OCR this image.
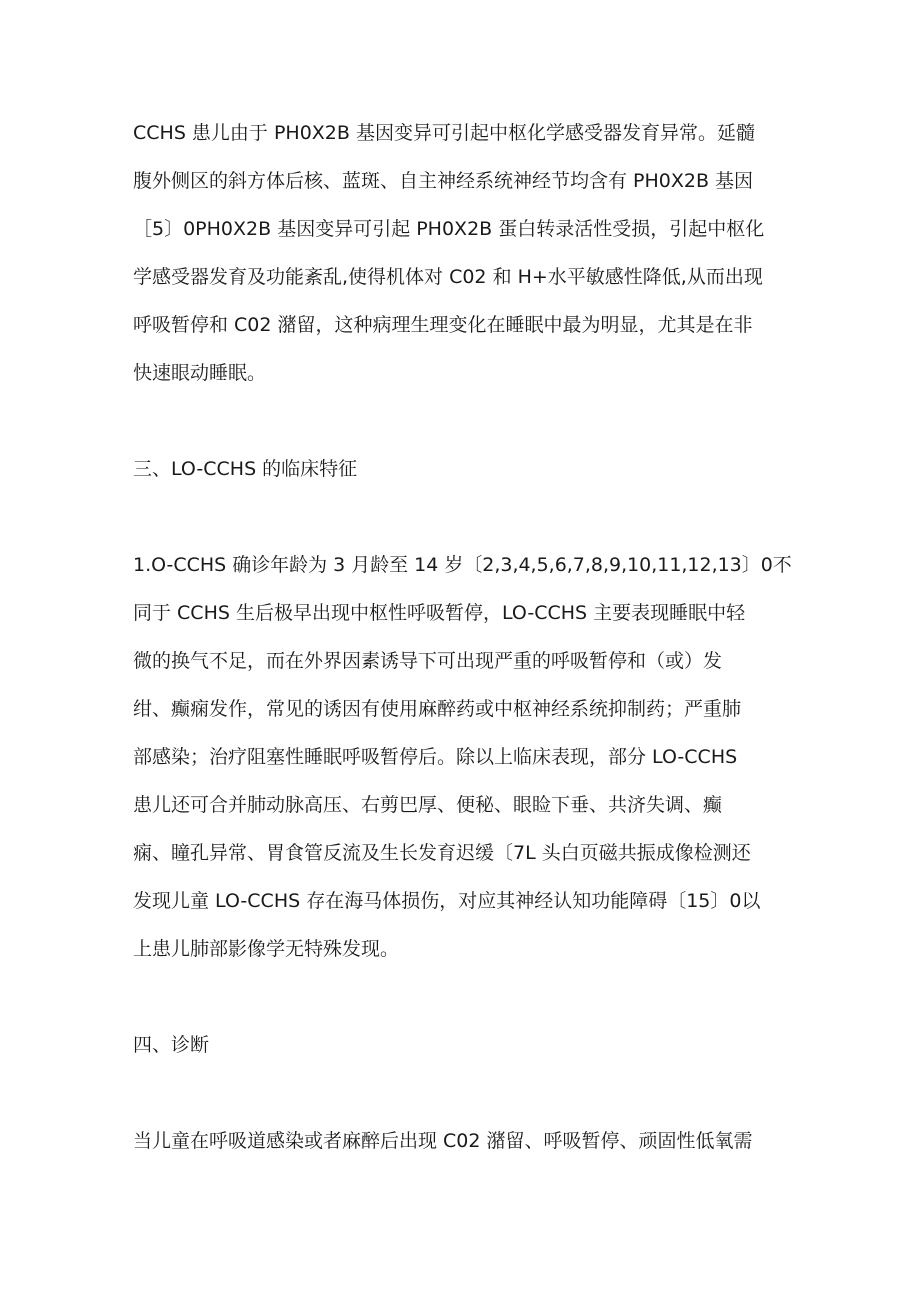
CCHS 患儿由于 PH0X2B 基因变异可引起中枢化学感受器发育异常。延髓
腹外侧区的斜方体后核、蓝斑、自主神经系统神经节均含有 PH0X2B 基因
［5〕0PH0X2B 基因变异可引起 PH0X2B 蛋白转录活性受损，引起中枢化
学感受器发育及功能紊乱,使得机体对 C02 和 H+水平敏感性降低,从而出现
呼吸暂停和 C02 潴留，这种病理生理变化在睡眠中最为明显，尤其是在非
快速眼动睡眠。
三、LO-CCHS 的临床特征
1.O-CCHS 确诊年龄为 3 月龄至 14 岁〔2,3,4,5,6,7,8,9,10,11,12,13〕0不
同于 CCHS 生后极早出现中枢性呼吸暂停，LO-CCHS 主要表现睡眠中轻
微的换气不足，而在外界因素诱导下可出现严重的呼吸暂停和（或）发
绀、癫痫发作，常见的诱因有使用麻醉药或中枢神经系统抑制药；严重肺
部感染；治疗阻塞性睡眠呼吸暂停后。除以上临床表现，部分 LO-CCHS
患儿还可合并肺动脉高压、右剪巴厚、便秘、眼睑下垂、共济失调、癫
痫、瞳孔异常、胃食管反流及生长发育迟缓〔7L 头白页磁共振成像检测还
发现儿童 LO-CCHS 存在海马体损伤，对应其神经认知功能障碍〔15〕0以
上患儿肺部影像学无特殊发现。
四、诊断
当儿童在呼吸道感染或者麻醉后出现 C02 潴留、呼吸暂停、顽固性低氧需
